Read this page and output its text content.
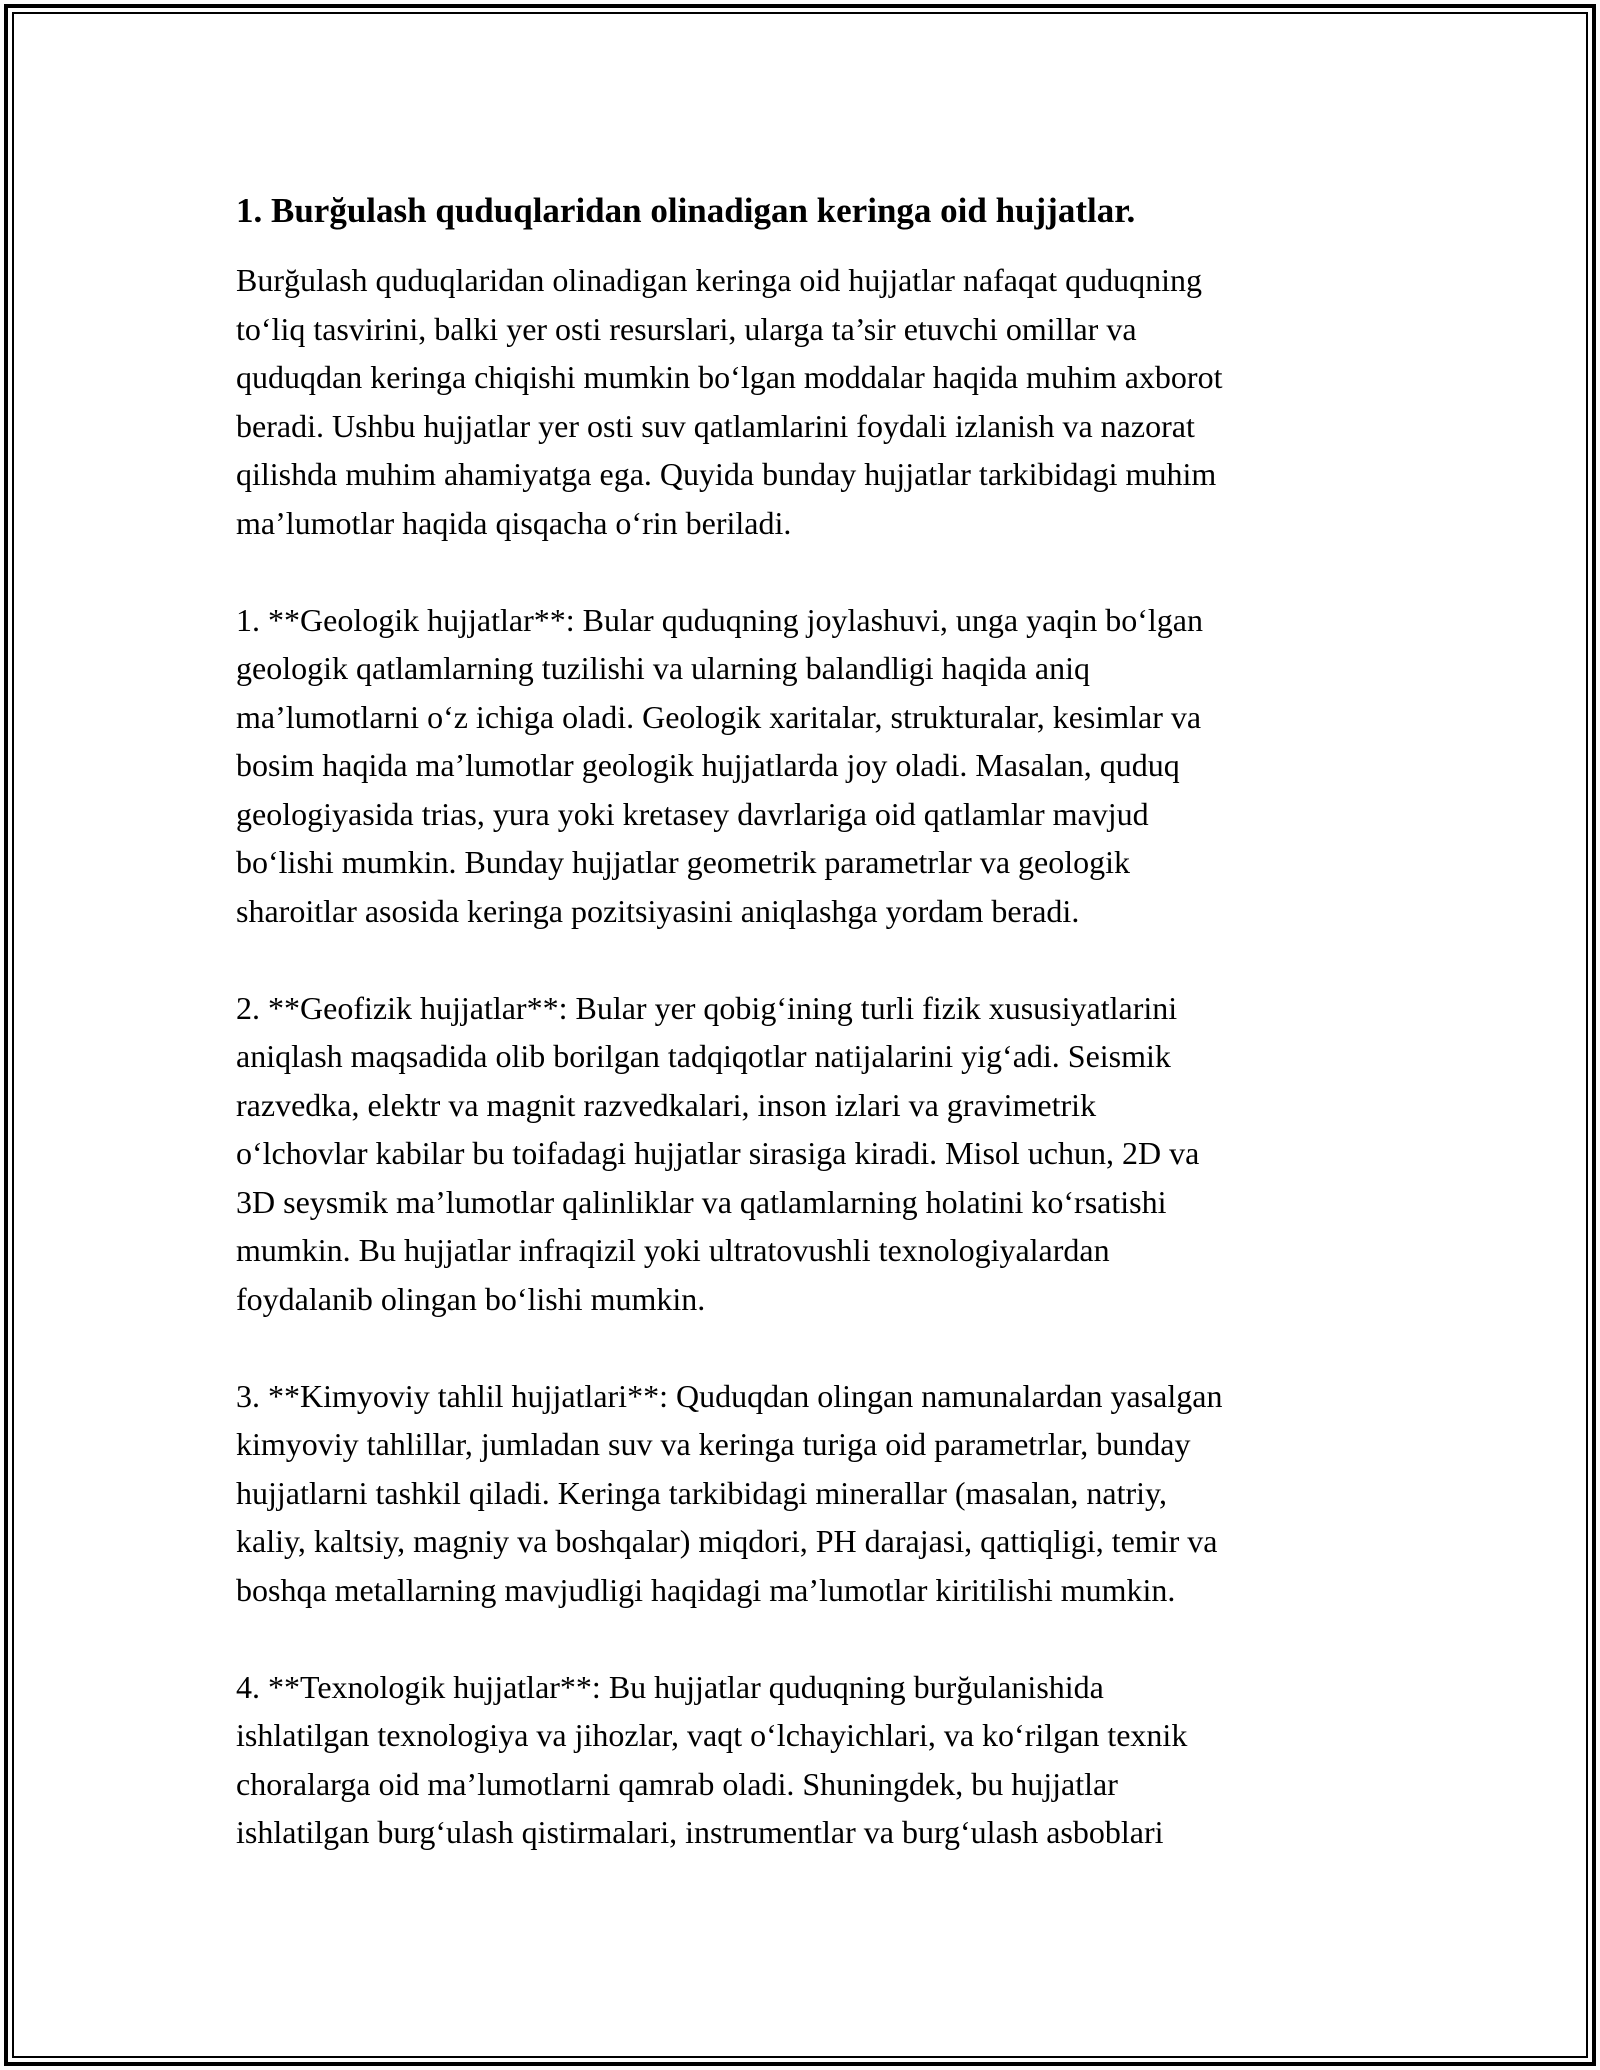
1. Burğulash quduqlaridan olinadigan keringa oid hujjatlar.
Burğulash quduqlaridan olinadigan keringa oid hujjatlar nafaqat quduqning
to‘liq tasvirini, balki yer osti resurslari, ularga ta’sir etuvchi omillar va
quduqdan keringa chiqishi mumkin bo‘lgan moddalar haqida muhim axborot
beradi. Ushbu hujjatlar yer osti suv qatlamlarini foydali izlanish va nazorat
qilishda muhim ahamiyatga ega. Quyida bunday hujjatlar tarkibidagi muhim
ma’lumotlar haqida qisqacha o‘rin beriladi.
1. **Geologik hujjatlar**: Bular quduqning joylashuvi, unga yaqin bo‘lgan
geologik qatlamlarning tuzilishi va ularning balandligi haqida aniq
ma’lumotlarni o‘z ichiga oladi. Geologik xaritalar, strukturalar, kesimlar va
bosim haqida ma’lumotlar geologik hujjatlarda joy oladi. Masalan, quduq
geologiyasida trias, yura yoki kretasey davrlariga oid qatlamlar mavjud
bo‘lishi mumkin. Bunday hujjatlar geometrik parametrlar va geologik
sharoitlar asosida keringa pozitsiyasini aniqlashga yordam beradi.
2. **Geofizik hujjatlar**: Bular yer qobig‘ining turli fizik xususiyatlarini
aniqlash maqsadida olib borilgan tadqiqotlar natijalarini yig‘adi. Seismik
razvedka, elektr va magnit razvedkalari, inson izlari va gravimetrik
o‘lchovlar kabilar bu toifadagi hujjatlar sirasiga kiradi. Misol uchun, 2D va
3D seysmik ma’lumotlar qalinliklar va qatlamlarning holatini ko‘rsatishi
mumkin. Bu hujjatlar infraqizil yoki ultratovushli texnologiyalardan
foydalanib olingan bo‘lishi mumkin.
3. **Kimyoviy tahlil hujjatlari**: Quduqdan olingan namunalardan yasalgan
kimyoviy tahlillar, jumladan suv va keringa turiga oid parametrlar, bunday
hujjatlarni tashkil qiladi. Keringa tarkibidagi minerallar (masalan, natriy,
kaliy, kaltsiy, magniy va boshqalar) miqdori, PH darajasi, qattiqligi, temir va
boshqa metallarning mavjudligi haqidagi ma’lumotlar kiritilishi mumkin.
4. **Texnologik hujjatlar**: Bu hujjatlar quduqning burğulanishida
ishlatilgan texnologiya va jihozlar, vaqt o‘lchayichlari, va ko‘rilgan texnik
choralarga oid ma’lumotlarni qamrab oladi. Shuningdek, bu hujjatlar
ishlatilgan burg‘ulash qistirmalari, instrumentlar va burg‘ulash asboblari
